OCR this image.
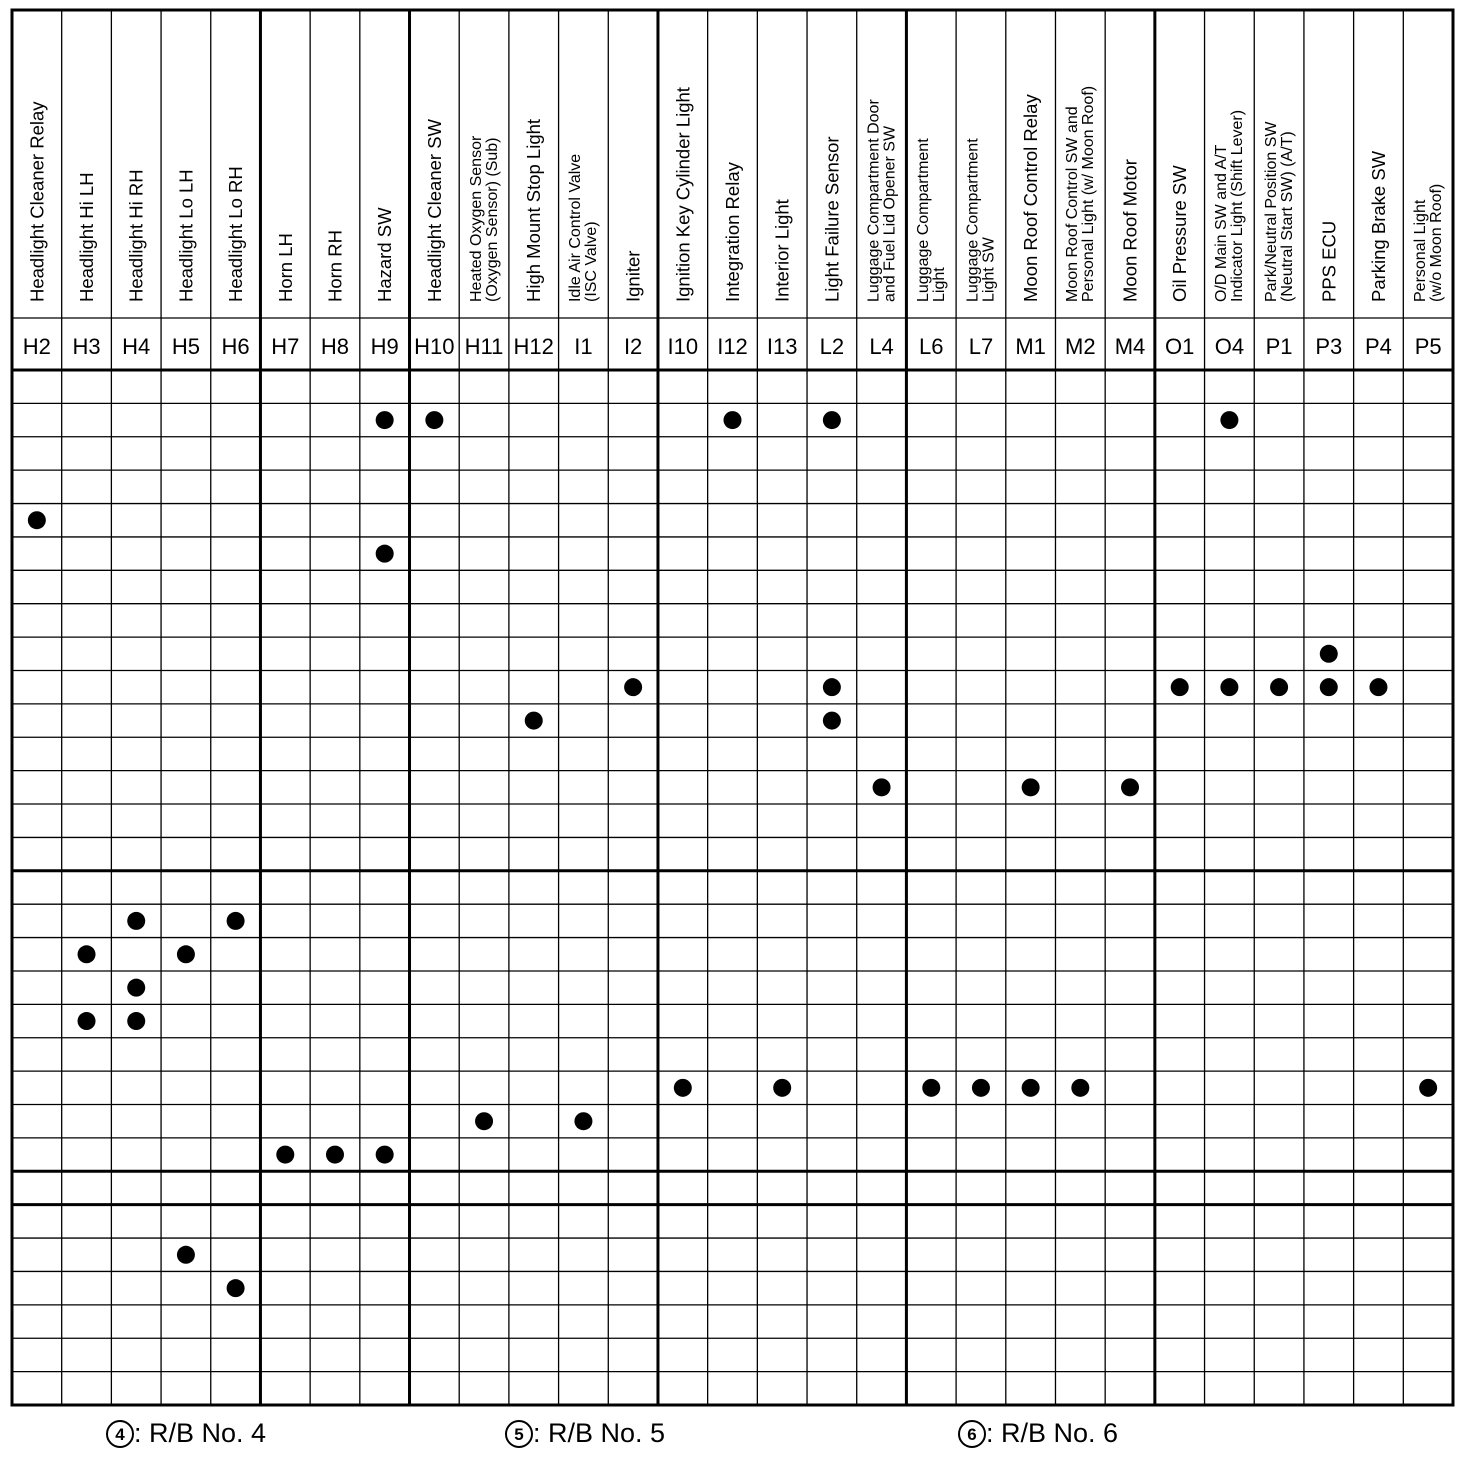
Headlight Cleaner Relay
H2
Headlight Hi LH
H3
Headlight Hi RH
H4
Headlight Lo LH
H5
Headlight Lo RH
H6
Horn LH
H7
Horn RH
H8
Hazard SW
H9
Headlight Cleaner SW
H10
Heated Oxygen Sensor(Oxygen Sensor) (Sub)
H11
High Mount Stop Light
H12
Idle Air Control Valve(ISC Valve)
I1
Igniter
I2
Ignition Key Cylinder Light
I10
Integration Relay
I12
Interior Light
I13
Light Failure Sensor
L2
Luggage Compartment Doorand Fuel Lid Opener SW
L4
Luggage CompartmentLight
L6
Luggage CompartmentLight SW
L7
Moon Roof Control Relay
M1
Moon Roof Control SW andPersonal Light (w/ Moon Roof)
M2
Moon Roof Motor
M4
Oil Pressure SW
O1
O/D Main SW and A/TIndicator Light (Shift Lever)
O4
Park/Neutral Position SW(Neutral Start SW) (A/T)
P1
PPS ECU
P3
Parking Brake SW
P4
Personal Light(w/o Moon Roof)
P5
4 : R/B No. 4	5 : R/B No. 5	6 : R/B No. 6
